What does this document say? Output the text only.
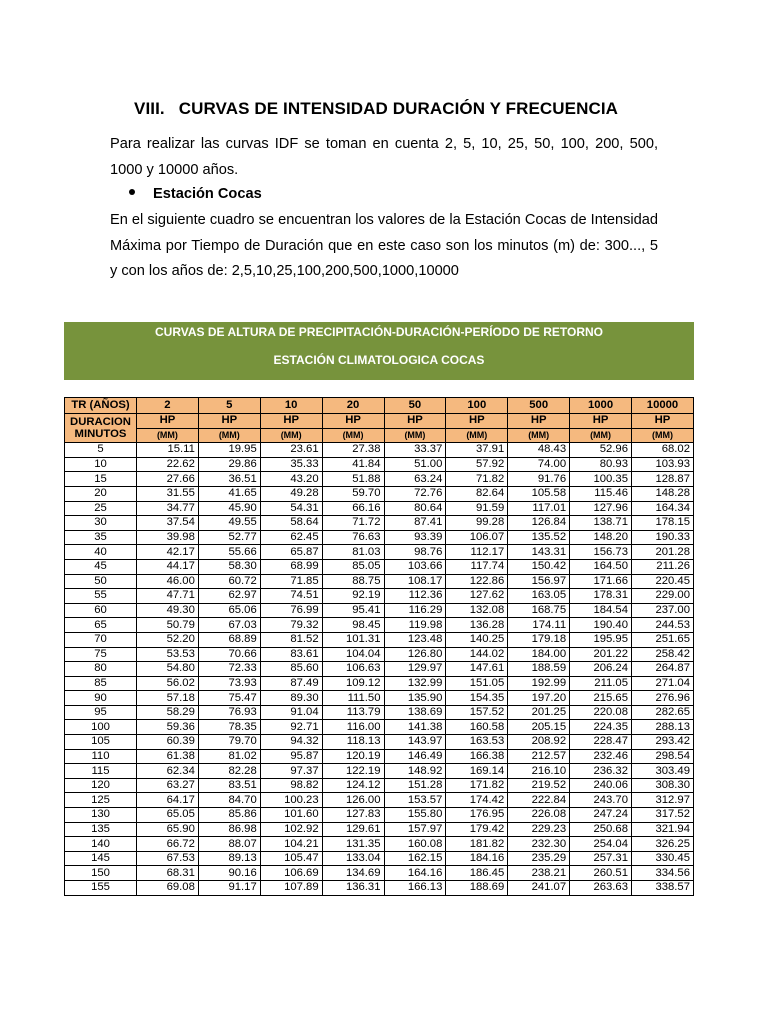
VIII. CURVAS DE INTENSIDAD DURACIÓN Y FRECUENCIA
Para realizar las curvas IDF se toman en cuenta 2, 5, 10, 25, 50, 100, 200, 500, 1000 y 10000 años.
Estación Cocas
En el siguiente cuadro se encuentran los valores de la Estación Cocas de Intensidad Máxima por Tiempo de Duración que en este caso son los minutos (m) de: 300..., 5 y con los años de: 2,5,10,25,100,200,500,1000,10000
CURVAS DE ALTURA DE PRECIPITACIÓN-DURACIÓN-PERÍODO DE RETORNO
ESTACIÓN CLIMATOLOGICA COCAS
TR (AÑOS)	2	5	10	20	50	100	500	1000	10000
DURACION MINUTOS	HP	HP	HP	HP	HP	HP	HP	HP	HP
	(MM)	(MM)	(MM)	(MM)	(MM)	(MM)	(MM)	(MM)	(MM)
5	15.11	19.95	23.61	27.38	33.37	37.91	48.43	52.96	68.02
10	22.62	29.86	35.33	41.84	51.00	57.92	74.00	80.93	103.93
15	27.66	36.51	43.20	51.88	63.24	71.82	91.76	100.35	128.87
20	31.55	41.65	49.28	59.70	72.76	82.64	105.58	115.46	148.28
25	34.77	45.90	54.31	66.16	80.64	91.59	117.01	127.96	164.34
30	37.54	49.55	58.64	71.72	87.41	99.28	126.84	138.71	178.15
35	39.98	52.77	62.45	76.63	93.39	106.07	135.52	148.20	190.33
40	42.17	55.66	65.87	81.03	98.76	112.17	143.31	156.73	201.28
45	44.17	58.30	68.99	85.05	103.66	117.74	150.42	164.50	211.26
50	46.00	60.72	71.85	88.75	108.17	122.86	156.97	171.66	220.45
55	47.71	62.97	74.51	92.19	112.36	127.62	163.05	178.31	229.00
60	49.30	65.06	76.99	95.41	116.29	132.08	168.75	184.54	237.00
65	50.79	67.03	79.32	98.45	119.98	136.28	174.11	190.40	244.53
70	52.20	68.89	81.52	101.31	123.48	140.25	179.18	195.95	251.65
75	53.53	70.66	83.61	104.04	126.80	144.02	184.00	201.22	258.42
80	54.80	72.33	85.60	106.63	129.97	147.61	188.59	206.24	264.87
85	56.02	73.93	87.49	109.12	132.99	151.05	192.99	211.05	271.04
90	57.18	75.47	89.30	111.50	135.90	154.35	197.20	215.65	276.96
95	58.29	76.93	91.04	113.79	138.69	157.52	201.25	220.08	282.65
100	59.36	78.35	92.71	116.00	141.38	160.58	205.15	224.35	288.13
105	60.39	79.70	94.32	118.13	143.97	163.53	208.92	228.47	293.42
110	61.38	81.02	95.87	120.19	146.49	166.38	212.57	232.46	298.54
115	62.34	82.28	97.37	122.19	148.92	169.14	216.10	236.32	303.49
120	63.27	83.51	98.82	124.12	151.28	171.82	219.52	240.06	308.30
125	64.17	84.70	100.23	126.00	153.57	174.42	222.84	243.70	312.97
130	65.05	85.86	101.60	127.83	155.80	176.95	226.08	247.24	317.52
135	65.90	86.98	102.92	129.61	157.97	179.42	229.23	250.68	321.94
140	66.72	88.07	104.21	131.35	160.08	181.82	232.30	254.04	326.25
145	67.53	89.13	105.47	133.04	162.15	184.16	235.29	257.31	330.45
150	68.31	90.16	106.69	134.69	164.16	186.45	238.21	260.51	334.56
155	69.08	91.17	107.89	136.31	166.13	188.69	241.07	263.63	338.57
